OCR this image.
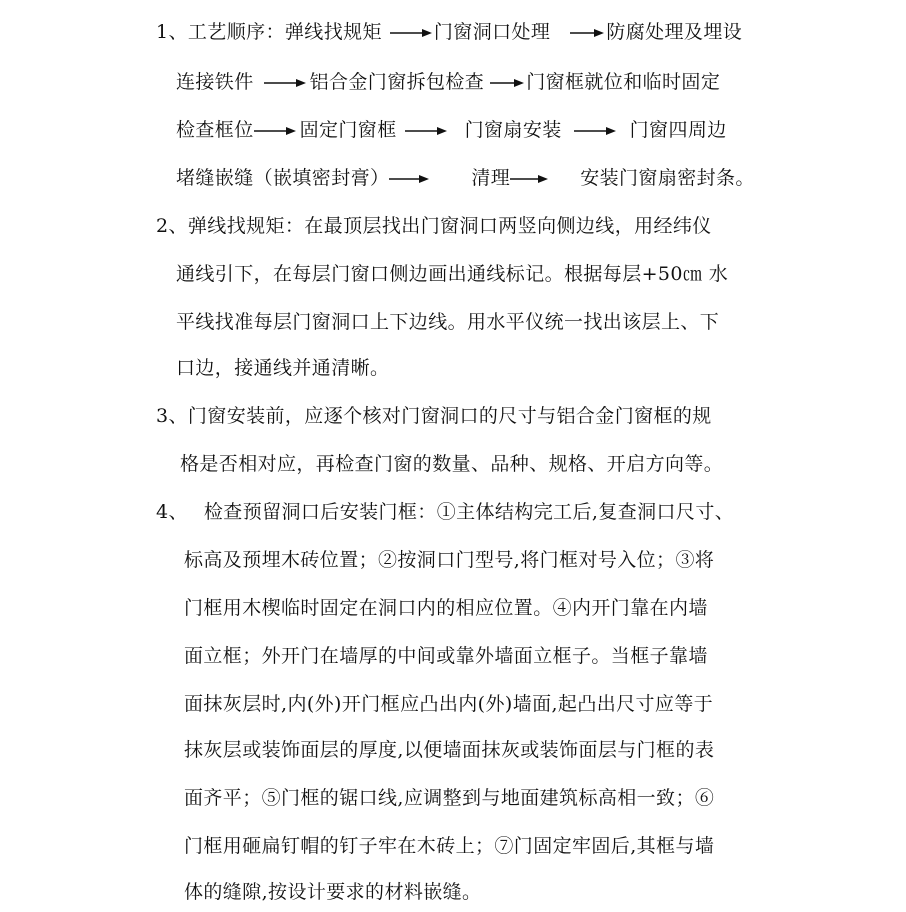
1、工艺顺序：弹线找规矩	门窗洞口处理	防腐处理及埋设
连接铁件	铝合金门窗拆包检查 门窗框就位和临时固定
检查框位 固定门窗框	门窗扇安装	门窗四周边
堵缝嵌缝（嵌填密封膏）	清理	安装门窗扇密封条。
2、弹线找规矩：在最顶层找出门窗洞口两竖向侧边线，用经纬仪
通线引下，在每层门窗口侧边画出通线标记。根据每层+50㎝ 水
平线找准每层门窗洞口上下边线。用水平仪统一找出该层上、下
口边，接通线并通清晰。
3、门窗安装前，应逐个核对门窗洞口的尺寸与铝合金门窗框的规
格是否相对应，再检查门窗的数量、品种、规格、开启方向等。
4、 检查预留洞口后安装门框：①主体结构完工后,复查洞口尺寸、
标高及预埋木砖位置；②按洞口门型号,将门框对号入位；③将
门框用木楔临时固定在洞口内的相应位置。④内开门靠在内墙
面立框；外开门在墙厚的中间或靠外墙面立框子。当框子靠墙
面抹灰层时,内(外)开门框应凸出内(外)墙面,起凸出尺寸应等于
抹灰层或装饰面层的厚度,以便墙面抹灰或装饰面层与门框的表
面齐平；⑤门框的锯口线,应调整到与地面建筑标高相一致；⑥
门框用砸扁钉帽的钉子牢在木砖上；⑦门固定牢固后,其框与墙
体的缝隙,按设计要求的材料嵌缝。
